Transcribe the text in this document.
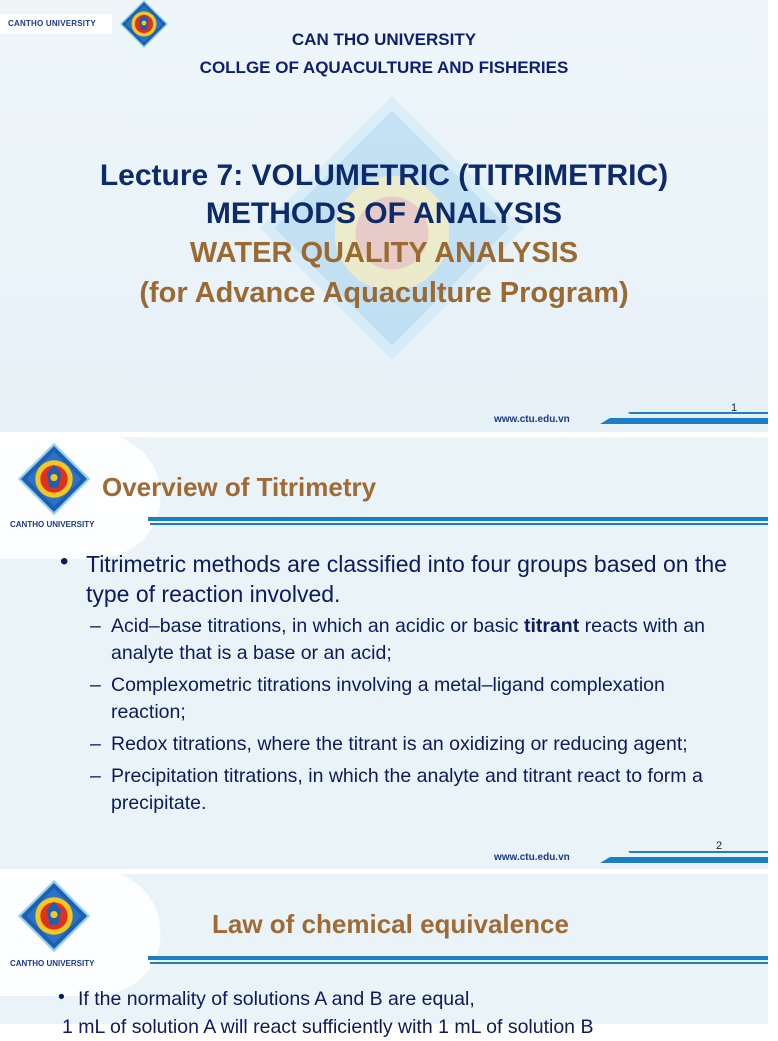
CANTHO UNIVERSITY
CAN THO UNIVERSITY
COLLGE OF AQUACULTURE AND FISHERIES
Lecture 7: VOLUMETRIC (TITRIMETRIC)
METHODS OF ANALYSIS
WATER QUALITY ANALYSIS
(for Advance Aquaculture Program)
www.ctu.edu.vn
1
CANTHO UNIVERSITY
Overview of Titrimetry
• Titrimetric methods are classified into four groups based on the type of reaction involved.
– Acid–base titrations, in which an acidic or basic titrant reacts with an analyte that is a base or an acid;
– Complexometric titrations involving a metal–ligand complexation reaction;
– Redox titrations, where the titrant is an oxidizing or reducing agent;
– Precipitation titrations, in which the analyte and titrant react to form a precipitate.
www.ctu.edu.vn
2
CANTHO UNIVERSITY
Law of chemical equivalence
• If the normality of solutions A and B are equal,
1 mL of solution A will react sufficiently with 1 mL of solution B
